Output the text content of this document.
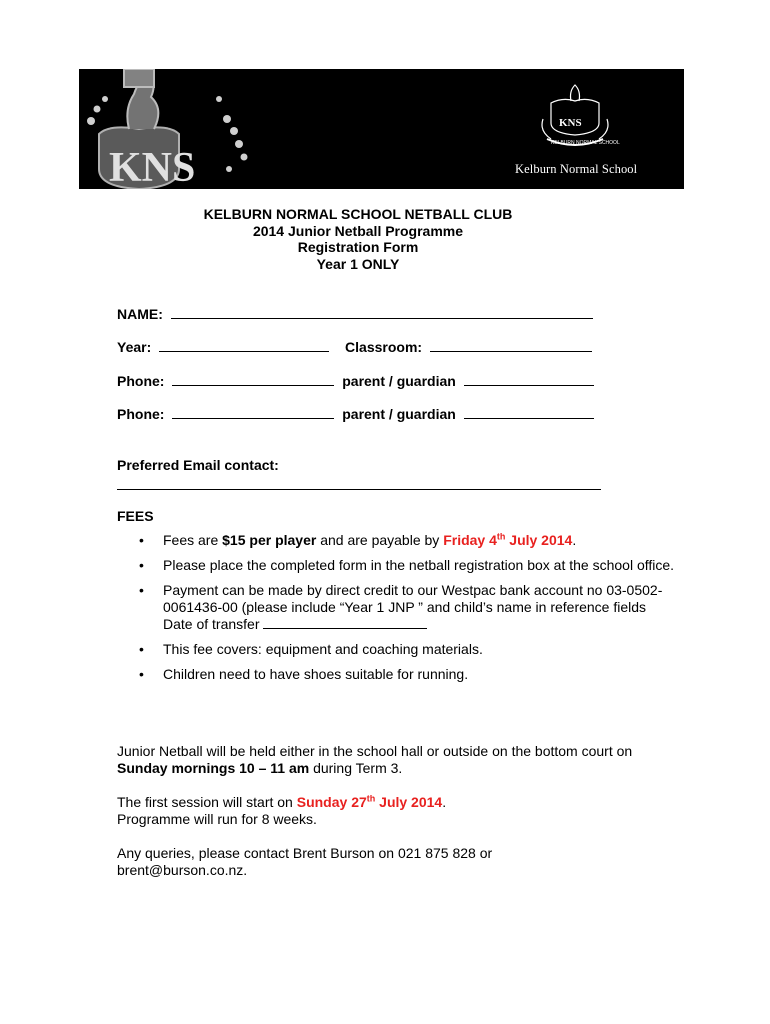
KNS
KNS
KELBURN NORMAL SCHOOL
Kelburn Normal School
KELBURN NORMAL SCHOOL NETBALL CLUB
2014 Junior Netball Programme
Registration Form
Year 1 ONLY
NAME:
Year:	Classroom:
Phone:	parent / guardian
Phone:	parent / guardian
Preferred Email contact:
FEES
• Fees are $15 per player and are payable by Friday 4th July 2014.
• Please place the completed form in the netball registration box at the school office.
• Payment can be made by direct credit to our Westpac bank account no 03-0502-0061436-00 (please include “Year 1 JNP ” and child’s name in reference fields
Date of transfer
• This fee covers: equipment and coaching materials.
• Children need to have shoes suitable for running.
Junior Netball will be held either in the school hall or outside on the bottom court on Sunday mornings 10 – 11 am during Term 3.
The first session will start on Sunday 27th July 2014.
Programme will run for 8 weeks.
Any queries, please contact Brent Burson on 021 875 828 or
brent@burson.co.nz.
